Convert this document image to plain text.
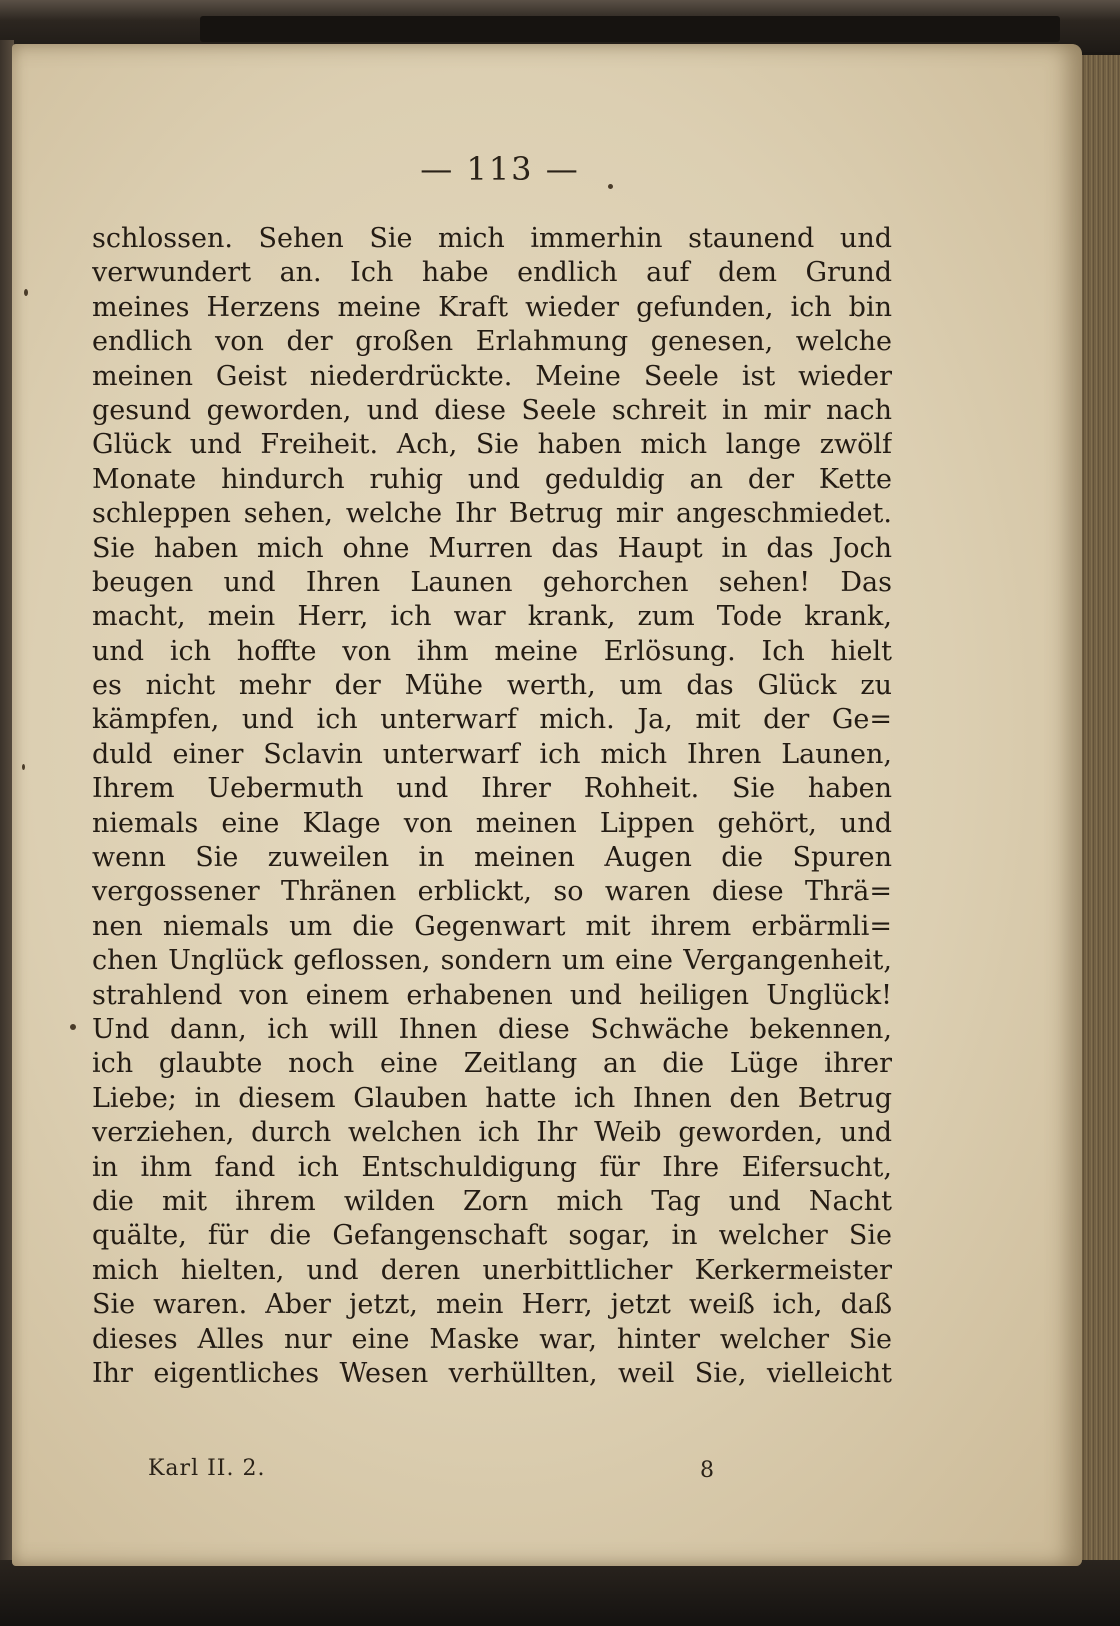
— 113 —
schlossen. Sehen Sie mich immerhin staunend und
verwundert an. Ich habe endlich auf dem Grund
meines Herzens meine Kraft wieder gefunden, ich bin
endlich von der großen Erlahmung genesen, welche
meinen Geist niederdrückte. Meine Seele ist wieder
gesund geworden, und diese Seele schreit in mir nach
Glück und Freiheit. Ach, Sie haben mich lange zwölf
Monate hindurch ruhig und geduldig an der Kette
schleppen sehen, welche Ihr Betrug mir angeschmiedet.
Sie haben mich ohne Murren das Haupt in das Joch
beugen und Ihren Launen gehorchen sehen! Das
macht, mein Herr, ich war krank, zum Tode krank,
und ich hoffte von ihm meine Erlösung. Ich hielt
es nicht mehr der Mühe werth, um das Glück zu
kämpfen, und ich unterwarf mich. Ja, mit der Ge=
duld einer Sclavin unterwarf ich mich Ihren Launen,
Ihrem Uebermuth und Ihrer Rohheit. Sie haben
niemals eine Klage von meinen Lippen gehört, und
wenn Sie zuweilen in meinen Augen die Spuren
vergossener Thränen erblickt, so waren diese Thrä=
nen niemals um die Gegenwart mit ihrem erbärmli=
chen Unglück geflossen, sondern um eine Vergangenheit,
strahlend von einem erhabenen und heiligen Unglück!
Und dann, ich will Ihnen diese Schwäche bekennen,
ich glaubte noch eine Zeitlang an die Lüge ihrer
Liebe; in diesem Glauben hatte ich Ihnen den Betrug
verziehen, durch welchen ich Ihr Weib geworden, und
in ihm fand ich Entschuldigung für Ihre Eifersucht,
die mit ihrem wilden Zorn mich Tag und Nacht
quälte, für die Gefangenschaft sogar, in welcher Sie
mich hielten, und deren unerbittlicher Kerkermeister
Sie waren. Aber jetzt, mein Herr, jetzt weiß ich, daß
dieses Alles nur eine Maske war, hinter welcher Sie
Ihr eigentliches Wesen verhüllten, weil Sie, vielleicht
Karl II. 2.	8
